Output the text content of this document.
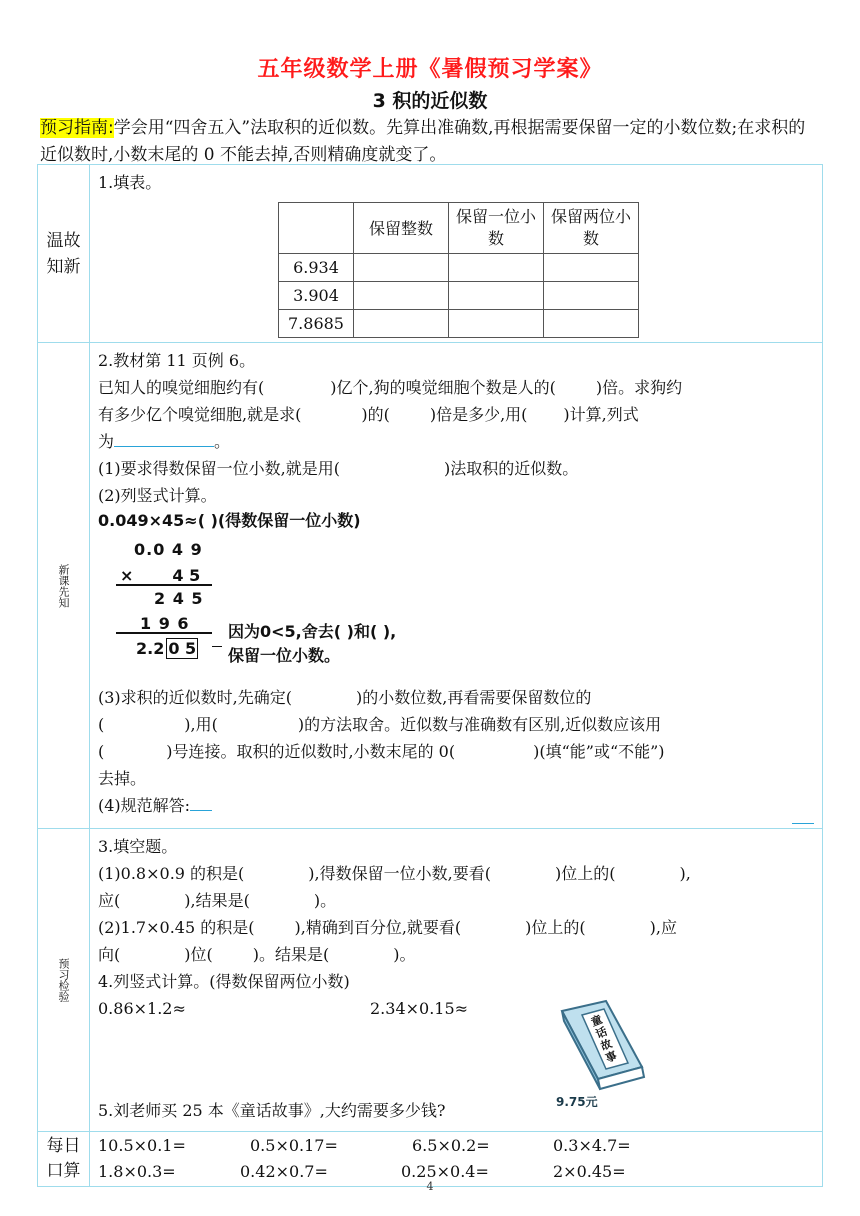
五年级数学上册《暑假预习学案》
3 积的近似数
预习指南:学会用“四舍五入”法取积的近似数。先算出准确数,再根据需要保留一定的小数位数;在求积的近似数时,小数末尾的 0 不能去掉,否则精确度就变了。
温故知新

1.填表。
	保留整数	保留一位小数	保留两位小数
6.934			
3.904			
7.8685			

新课先知

2.教材第 11 页例 6。
已知人的嗅觉细胞约有(	)亿个,狗的嗅觉细胞个数是人的(	)倍。求狗约
有多少亿个嗅觉细胞,就是求(	)的(	)倍是多少,用( )计算,列式
为	。
(1)要求得数保留一位小数,就是用(	)法取积的近似数。
(2)列竖式计算。
0.049×45≈( )(得数保留一位小数)
0.0 4 9
×       4 5
2 4 5
1 9 6
2.2 0 5
因为0<5,舍去( )和( ),
保留一位小数。
(3)求积的近似数时,先确定(	)的小数位数,再看需要保留数位的
(	),用(	)的方法取舍。近似数与准确数有区别,近似数应该用
(	)号连接。取积的近似数时,小数末尾的 0(	)(填“能”或“不能”)
去掉。
(4)规范解答:

预习检验

3.填空题。
(1)0.8×0.9 的积是(	),得数保留一位小数,要看(	)位上的(	),
应(	),结果是(	)。
(2)1.7×0.45 的积是(	),精确到百分位,就要看(	)位上的(	),应
向(	)位(	)。结果是(	)。
4.列竖式计算。(得数保留两位小数)
0.86×1.2≈	2.34×0.15≈
童话故事
9.75元
5.刘老师买 25 本《童话故事》,大约需要多少钱?

每日口算

10.5×0.1=	0.5×0.17=	6.5×0.2=	0.3×4.7=
1.8×0.3=	0.42×0.7=	0.25×0.4=	2×0.45=
4
